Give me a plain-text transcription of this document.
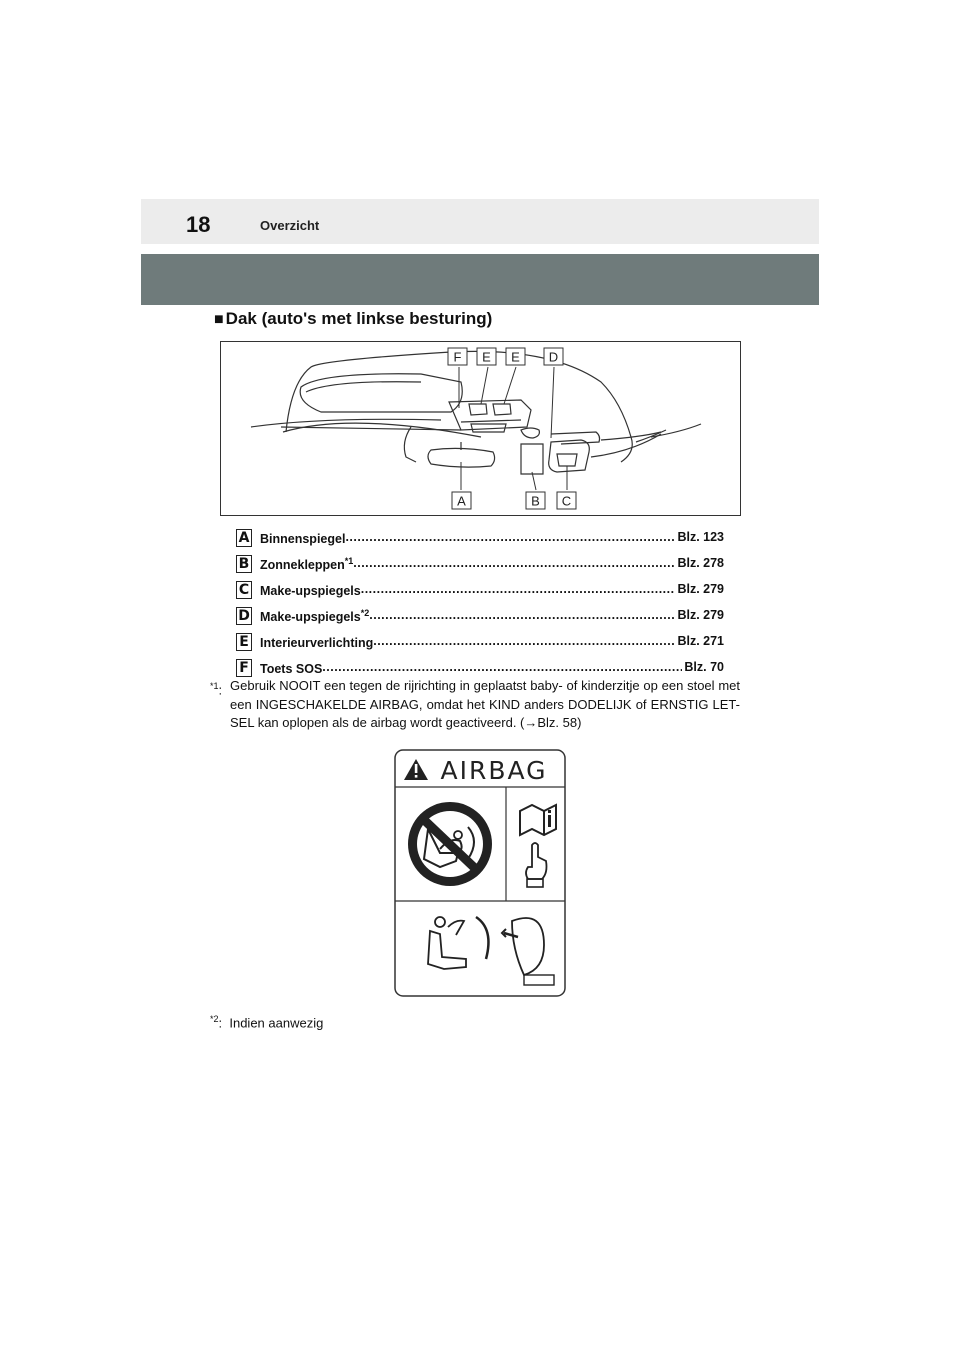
18	Overzicht
■ Dak (auto's met linkse besturing)
F E E D
A	B C
A Binnenspiegel .....	Blz. 123
B Zonnekleppen$^{*1}$ .....	Blz. 278
C Make-upspiegels .....	Blz. 279
D Make-upspiegels$^{*2}$ .....	Blz. 279
E Interieurverlichting .....	Blz. 271
F Toets SOS .....	Blz. 70
$^{*1}$: Gebruik NOOIT een tegen de rijrichting in geplaatst baby- of kinderzitje op een stoel met een INGESCHAKELDE AIRBAG, omdat het KIND anders DODELIJK of ERNSTIG LET-SEL kan oplopen als de airbag wordt geactiveerd. (→Blz. 58)
AIRBAG
$^{*2}$:  Indien aanwezig
